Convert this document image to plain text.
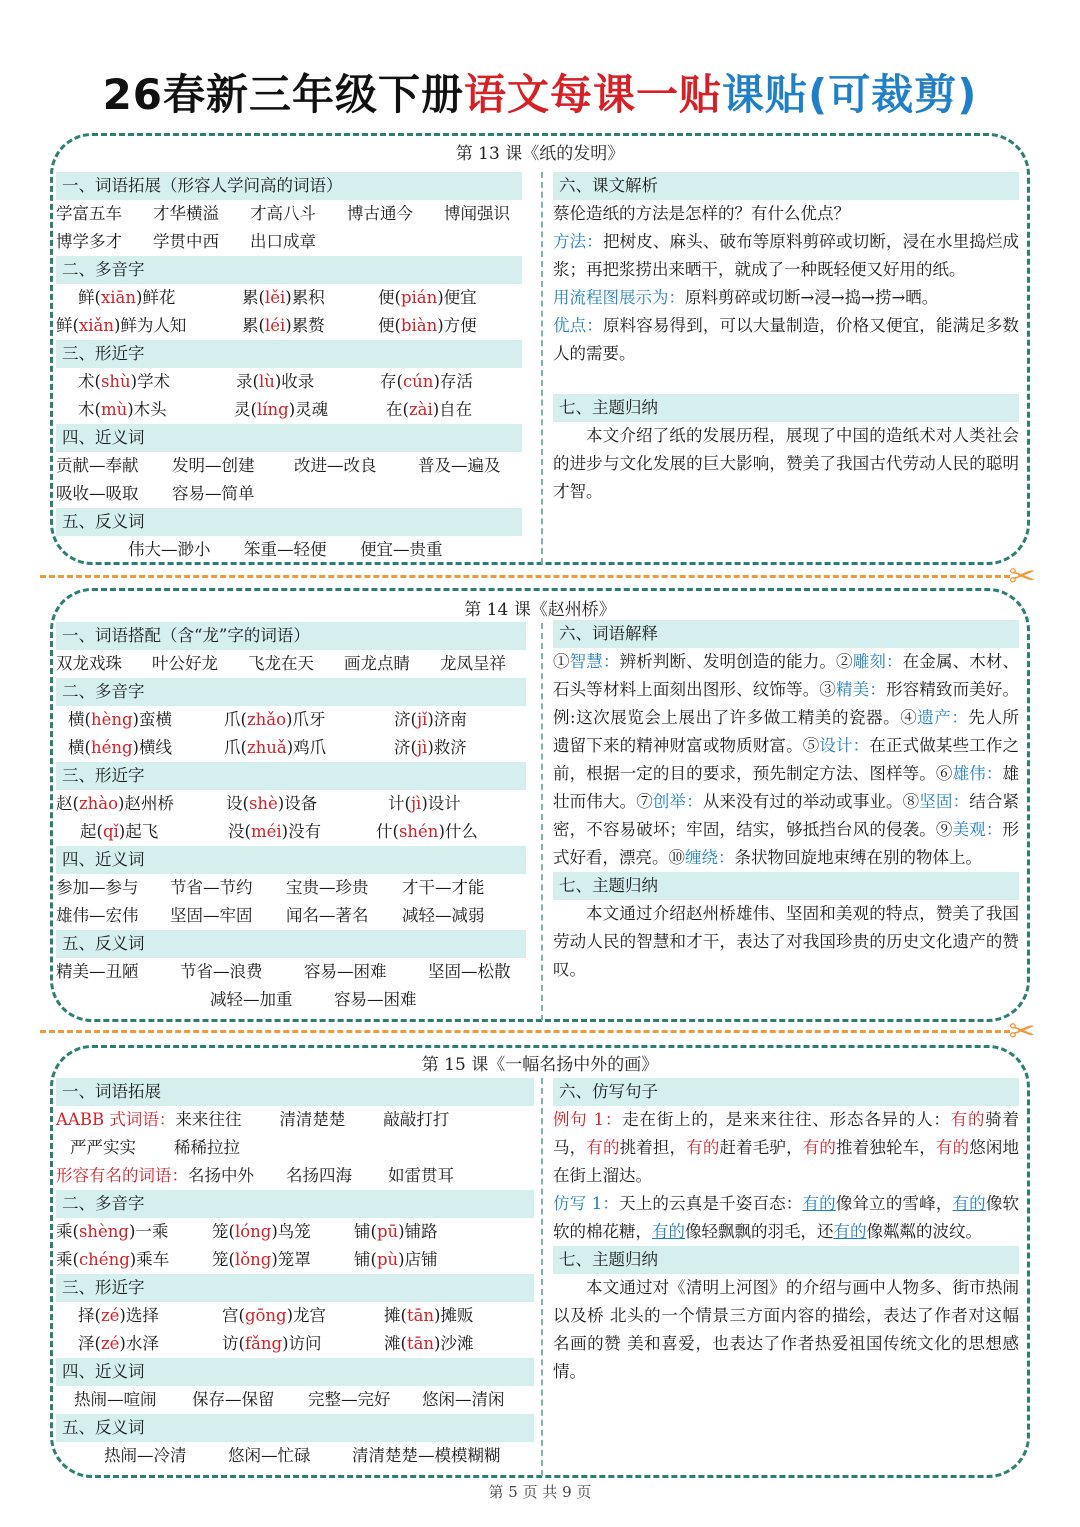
26春新三年级下册语文每课一贴课贴(可裁剪)
第 13 课《纸的发明》
一、词语拓展（形容人学问高的词语）
学富五车 才华横溢 才高八斗 博古通今 博闻强识
博学多才 学贯中西 出口成章
二、多音字
鲜(xiān)鲜花	累(lěi)累积	便(pián)便宜
鲜(xiǎn)鲜为人知	累(léi)累赘	便(biàn)方便
三、形近字
术(shù)学术	录(lù)收录	存(cún)存活
木(mù)木头	灵(líng)灵魂	在(zài)自在
四、近义词
贡献—奉献 发明—创建 改进—改良	普及—遍及
吸收—吸取 容易—简单
五、反义词
伟大—渺小 笨重—轻便 便宜—贵重
六、课文解析
蔡伦造纸的方法是怎样的？有什么优点？
方法：把树皮、麻头、破布等原料剪碎或切断，浸在水里捣烂成浆；再把浆捞出来晒干，就成了一种既轻便又好用的纸。
用流程图展示为：原料剪碎或切断→浸→捣→捞→晒。
优点：原料容易得到，可以大量制造，价格又便宜，能满足多数人的需要。
七、主题归纳
本文介绍了纸的发展历程，展现了中国的造纸术对人类社会的进步与文化发展的巨大影响，赞美了我国古代劳动人民的聪明才智。
✂
第 14 课《赵州桥》
一、词语搭配（含“龙”字的词语）
双龙戏珠 叶公好龙 飞龙在天 画龙点睛 龙凤呈祥
二、多音字
横(hèng)蛮横	爪(zhǎo)爪牙	济(jǐ)济南
横(héng)横线	爪(zhuǎ)鸡爪	济(jì)救济
三、形近字
赵(zhào)赵州桥	设(shè)设备	计(jì)设计
起(qǐ)起飞	没(méi)没有	什(shén)什么
四、近义词
参加—参与 节省—节约 宝贵—珍贵 才干—才能
雄伟—宏伟 坚固—牢固 闻名—著名 减轻—减弱
五、反义词
精美—丑陋	节省—浪费	容易—困难	坚固—松散
减轻—加重	容易—困难
六、词语解释
①智慧：辨析判断、发明创造的能力。②雕刻：在金属、木材、石头等材料上面刻出图形、纹饰等。③精美：形容精致而美好。例:这次展览会上展出了许多做工精美的瓷器。④遗产：先人所遗留下来的精神财富或物质财富。⑤设计：在正式做某些工作之前，根据一定的目的要求，预先制定方法、图样等。⑥雄伟：雄壮而伟大。⑦创举：从来没有过的举动或事业。⑧坚固：结合紧密，不容易破坏；牢固，结实，够抵挡台风的侵袭。⑨美观：形式好看，漂亮。⑩缠绕：条状物回旋地束缚在别的物体上。
七、主题归纳
本文通过介绍赵州桥雄伟、坚固和美观的特点，赞美了我国劳动人民的智慧和才干，表达了对我国珍贵的历史文化遗产的赞叹。
✂
第 15 课《一幅名扬中外的画》
一、词语拓展
AABB 式词语：来来往往 清清楚楚 敲敲打打
严严实实 稀稀拉拉
形容有名的词语：名扬中外 名扬四海 如雷贯耳
二、多音字
乘(shèng)一乘	笼(lóng)鸟笼	铺(pū)铺路
乘(chéng)乘车	笼(lǒng)笼罩	铺(pù)店铺
三、形近字
择(zé)选择	宫(gōng)龙宫	摊(tān)摊贩
泽(zé)水泽	访(fǎng)访问	滩(tān)沙滩
四、近义词
热闹—喧闹 保存—保留 完整—完好 悠闲—清闲
五、反义词
热闹—冷清	悠闲—忙碌	清清楚楚—模模糊糊
六、仿写句子
例句 1：走在街上的，是来来往往、形态各异的人：有的骑着马，有的挑着担，有的赶着毛驴，有的推着独轮车，有的悠闲地在街上溜达。
仿写 1：天上的云真是千姿百态：有的像耸立的雪峰，有的像软软的棉花糖，有的像轻飘飘的羽毛，还有的像粼粼的波纹。
七、主题归纳
本文通过对《清明上河图》的介绍与画中人物多、街市热闹以及桥 北头的一个情景三方面内容的描绘，表达了作者对这幅名画的赞 美和喜爱，也表达了作者热爱祖国传统文化的思想感情。
第 5 页 共 9 页
